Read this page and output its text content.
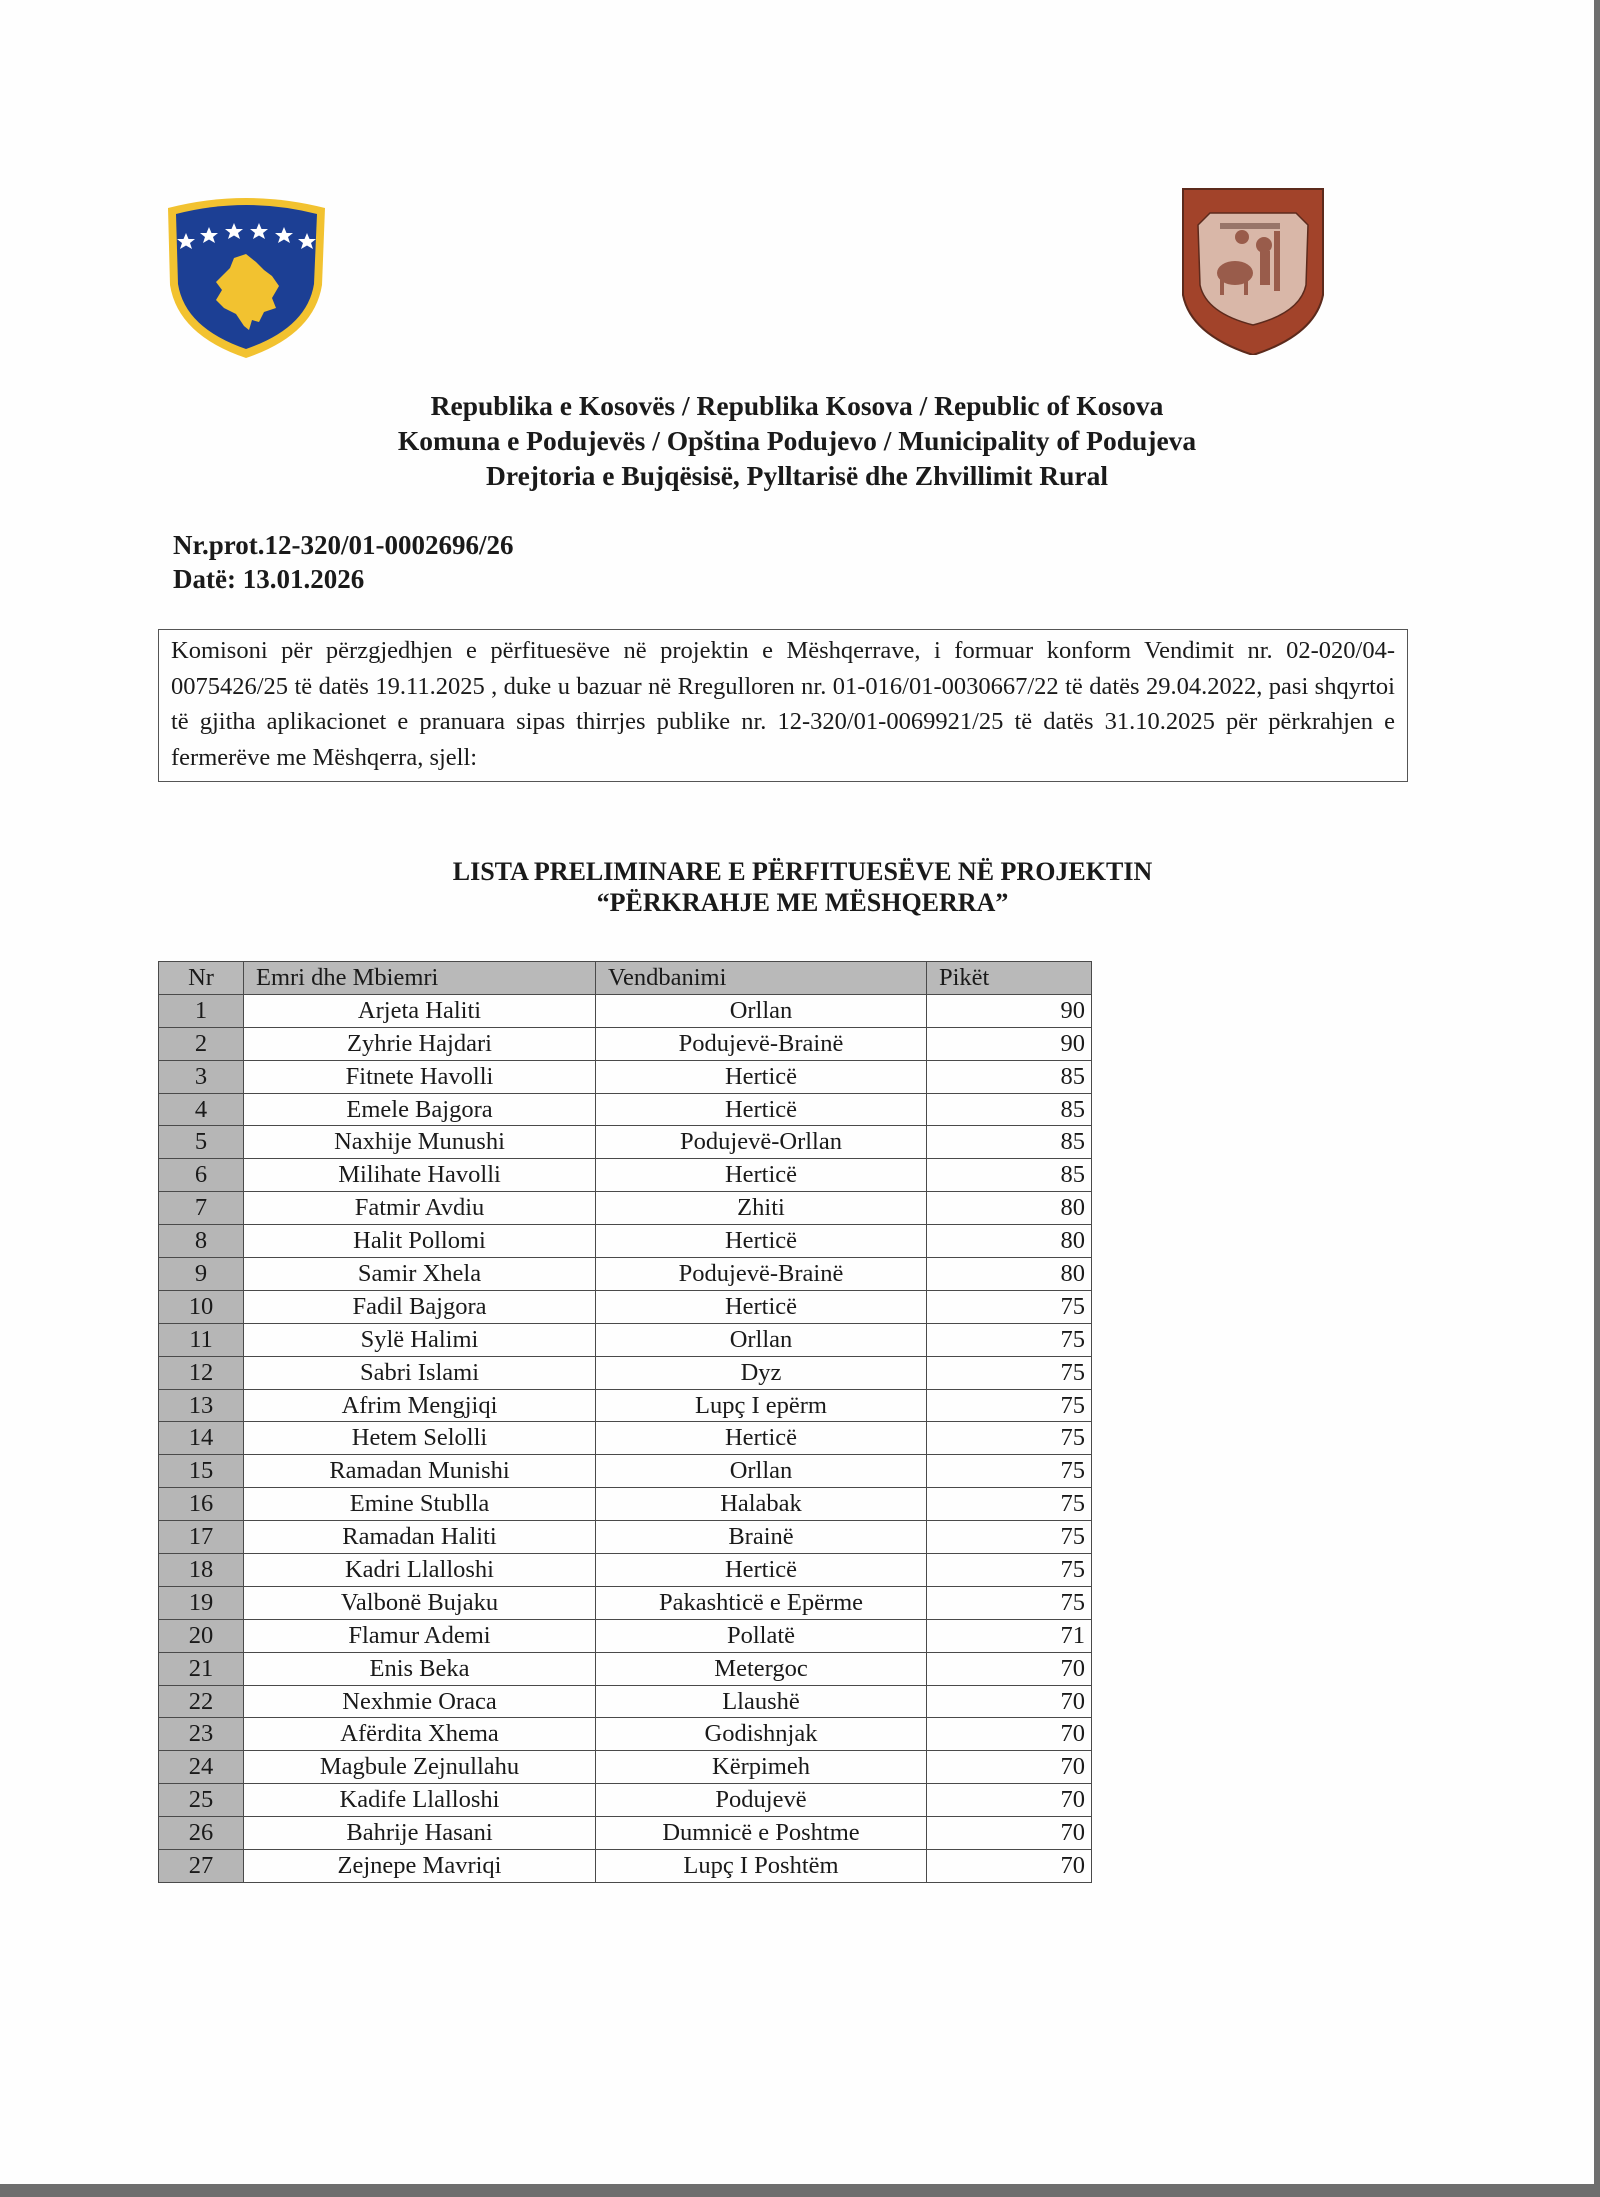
Republika e Kosovës / Republika Kosova / Republic of Kosova
Komuna e Podujevës / Opština Podujevo / Municipality of Podujeva
Drejtoria e Bujqësisë, Pylltarisë dhe Zhvillimit Rural
Nr.prot.12-320/01-0002696/26
Datë: 13.01.2026
Komisoni për përzgjedhjen e përfituesëve në projektin e Mëshqerrave, i formuar konform Vendimit nr. 02-020/04-0075426/25 të datës 19.11.2025 , duke u bazuar në Rregulloren nr. 01-016/01-0030667/22 të datës 29.04.2022, pasi shqyrtoi të gjitha aplikacionet e pranuara sipas thirrjes publike nr. 12-320/01-0069921/25 të datës 31.10.2025 për përkrahjen e fermerëve me Mëshqerra, sjell:
LISTA PRELIMINARE E PËRFITUESËVE NË PROJEKTIN
“PËRKRAHJE ME MËSHQERRA”
Nr	Emri dhe Mbiemri	Vendbanimi	Pikët
1	Arjeta Haliti	Orllan	90
2	Zyhrie Hajdari	Podujevë-Brainë	90
3	Fitnete Havolli	Herticë	85
4	Emele Bajgora	Herticë	85
5	Naxhije Munushi	Podujevë-Orllan	85
6	Milihate Havolli	Herticë	85
7	Fatmir Avdiu	Zhiti	80
8	Halit Pollomi	Herticë	80
9	Samir Xhela	Podujevë-Brainë	80
10	Fadil Bajgora	Herticë	75
11	Sylë Halimi	Orllan	75
12	Sabri Islami	Dyz	75
13	Afrim Mengjiqi	Lupç I epërm	75
14	Hetem Selolli	Herticë	75
15	Ramadan Munishi	Orllan	75
16	Emine Stublla	Halabak	75
17	Ramadan Haliti	Brainë	75
18	Kadri Llalloshi	Herticë	75
19	Valbonë Bujaku	Pakashticë e Epërme	75
20	Flamur Ademi	Pollatë	71
21	Enis Beka	Metergoc	70
22	Nexhmie Oraca	Llaushë	70
23	Afërdita Xhema	Godishnjak	70
24	Magbule Zejnullahu	Kërpimeh	70
25	Kadife Llalloshi	Podujevë	70
26	Bahrije Hasani	Dumnicë e Poshtme	70
27	Zejnepe Mavriqi	Lupç I Poshtëm	70
